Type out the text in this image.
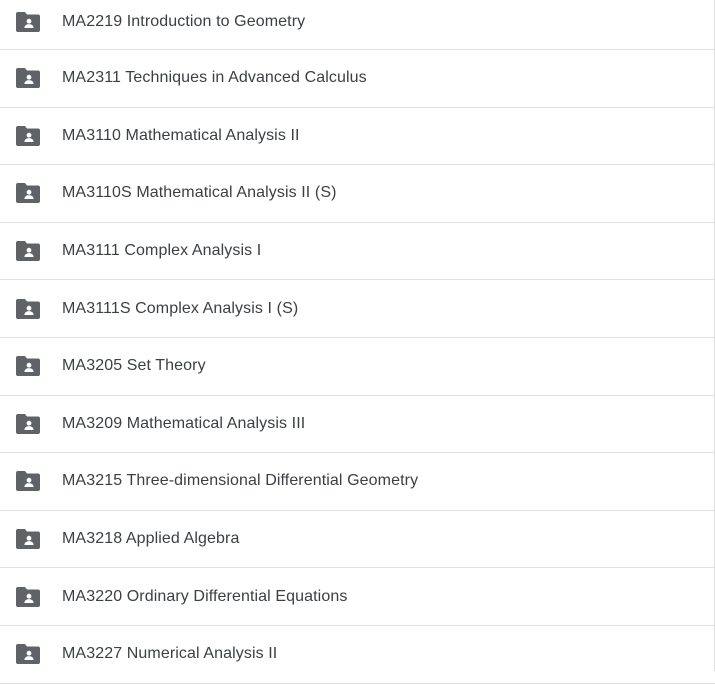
MA2219 Introduction to Geometry
MA2311 Techniques in Advanced Calculus
MA3110 Mathematical Analysis II
MA3110S Mathematical Analysis II (S)
MA3111 Complex Analysis I
MA3111S Complex Analysis I (S)
MA3205 Set Theory
MA3209 Mathematical Analysis III
MA3215 Three-dimensional Differential Geometry
MA3218 Applied Algebra
MA3220 Ordinary Differential Equations
MA3227 Numerical Analysis II
